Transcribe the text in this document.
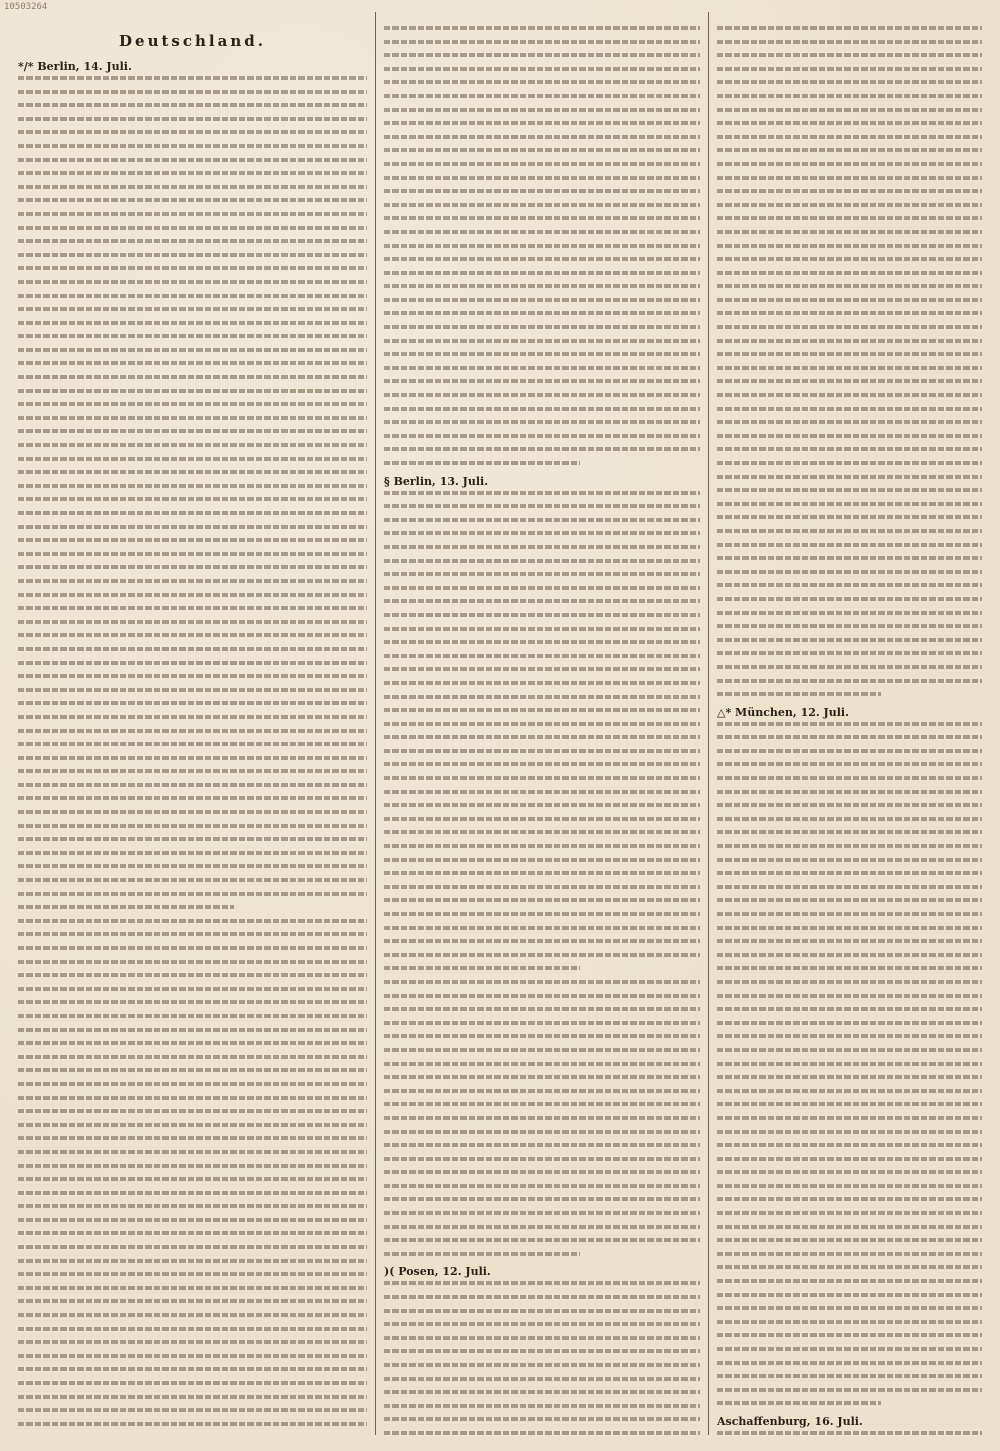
10503264
Deutschland.
*/* Berlin, 14. Juli.
§ Berlin, 13. Juli.
)( Posen, 12. Juli.
△* München, 12. Juli.
Aschaffenburg, 16. Juli.
